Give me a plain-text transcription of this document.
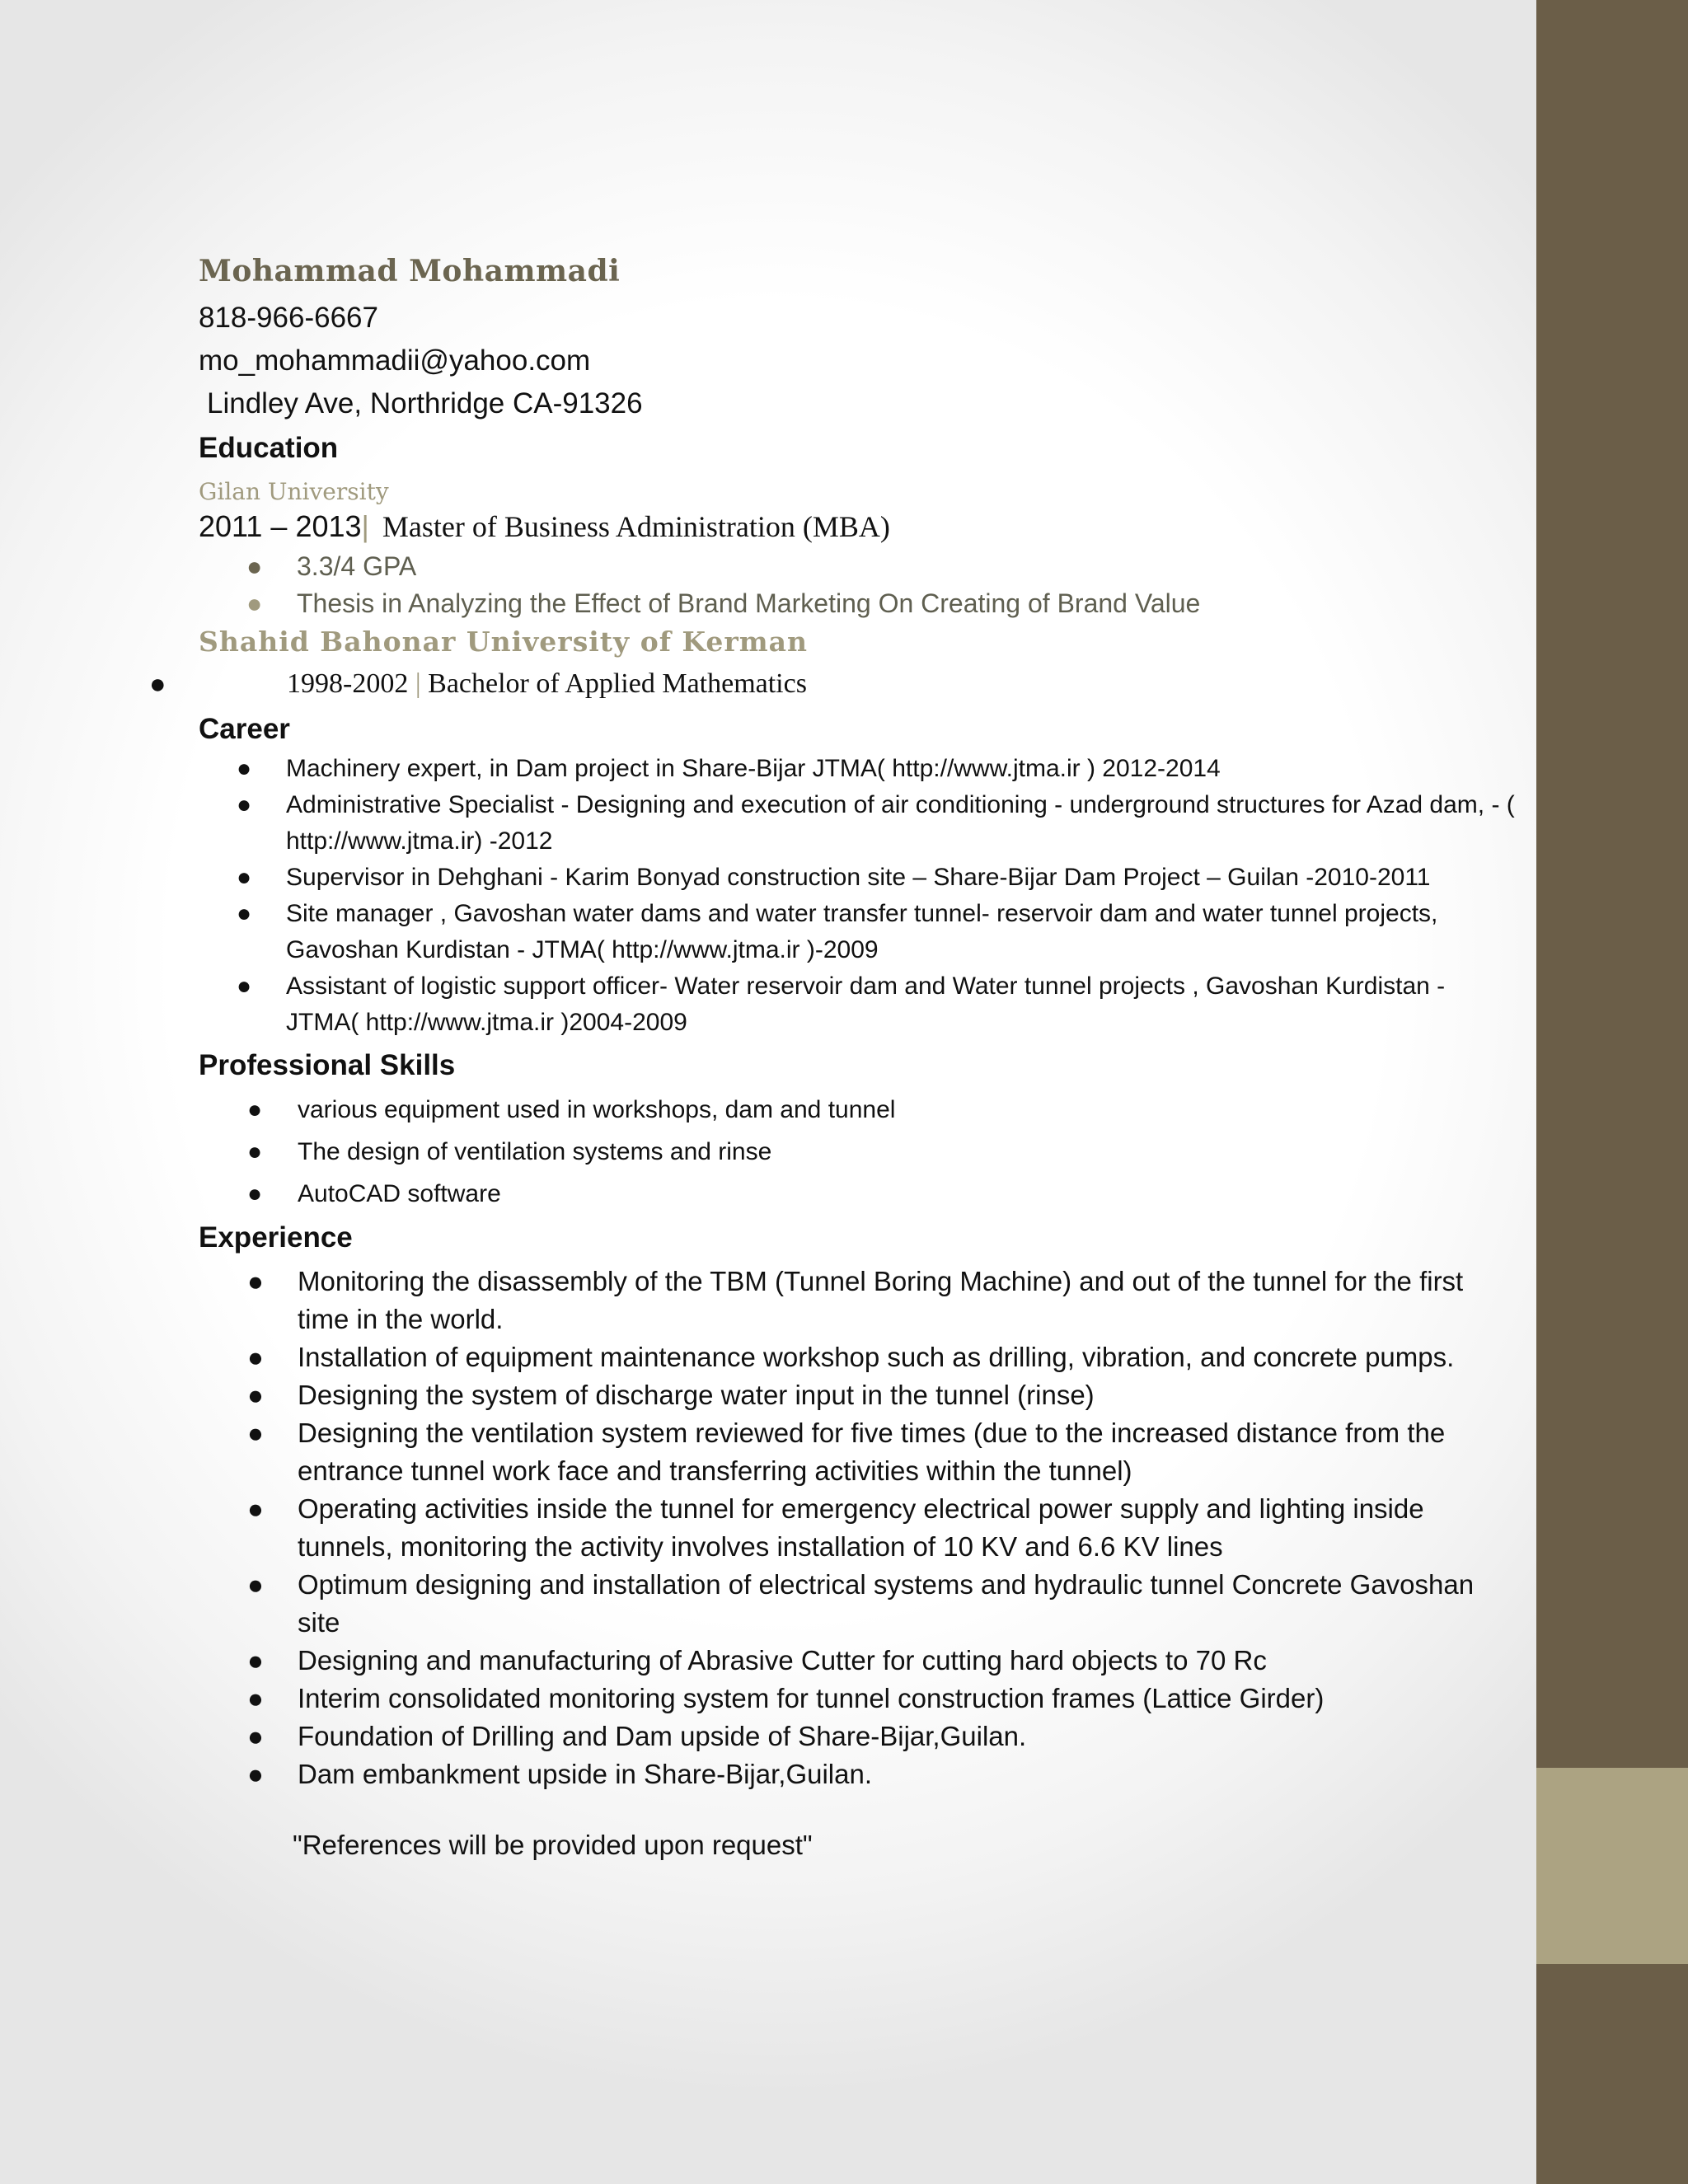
Mohammad Mohammadi
818-966-6667
mo_mohammadii@yahoo.com
Lindley Ave, Northridge CA-91326
Education
Gilan University
2011 – 2013| Master of Business Administration (MBA)
● 3.3/4 GPA
● Thesis in Analyzing the Effect of Brand Marketing On Creating of Brand Value
Shahid Bahonar University of Kerman
●	1998-2002 | Bachelor of Applied Mathematics
Career
● Machinery expert, in Dam project in Share-Bijar JTMA( http://www.jtma.ir ) 2012-2014
● Administrative Specialist - Designing and execution of air conditioning - underground structures for Azad dam, - ( http://www.jtma.ir) -2012
● Supervisor in Dehghani - Karim Bonyad construction site – Share-Bijar Dam Project – Guilan -2010-2011
● Site manager , Gavoshan water dams and water transfer tunnel- reservoir dam and water tunnel projects, Gavoshan Kurdistan - JTMA( http://www.jtma.ir )-2009
● Assistant of logistic support officer- Water reservoir dam and Water tunnel projects , Gavoshan Kurdistan - JTMA( http://www.jtma.ir )2004-2009
Professional Skills
● various equipment used in workshops, dam and tunnel
● The design of ventilation systems and rinse
● AutoCAD software
Experience
● Monitoring the disassembly of the TBM (Tunnel Boring Machine) and out of the tunnel for the first time in the world.
● Installation of equipment maintenance workshop such as drilling, vibration, and concrete pumps.
● Designing the system of discharge water input in the tunnel (rinse)
● Designing the ventilation system reviewed for five times (due to the increased distance from the entrance tunnel work face and transferring activities within the tunnel)
● Operating activities inside the tunnel for emergency electrical power supply and lighting inside tunnels, monitoring the activity involves installation of 10 KV and 6.6 KV lines
● Optimum designing and installation of electrical systems and hydraulic tunnel Concrete Gavoshan site
● Designing and manufacturing of Abrasive Cutter for cutting hard objects to 70 Rc
● Interim consolidated monitoring system for tunnel construction frames (Lattice Girder)
● Foundation of Drilling and Dam upside of Share-Bijar,Guilan.
● Dam embankment upside in Share-Bijar,Guilan.
"References will be provided upon request"
